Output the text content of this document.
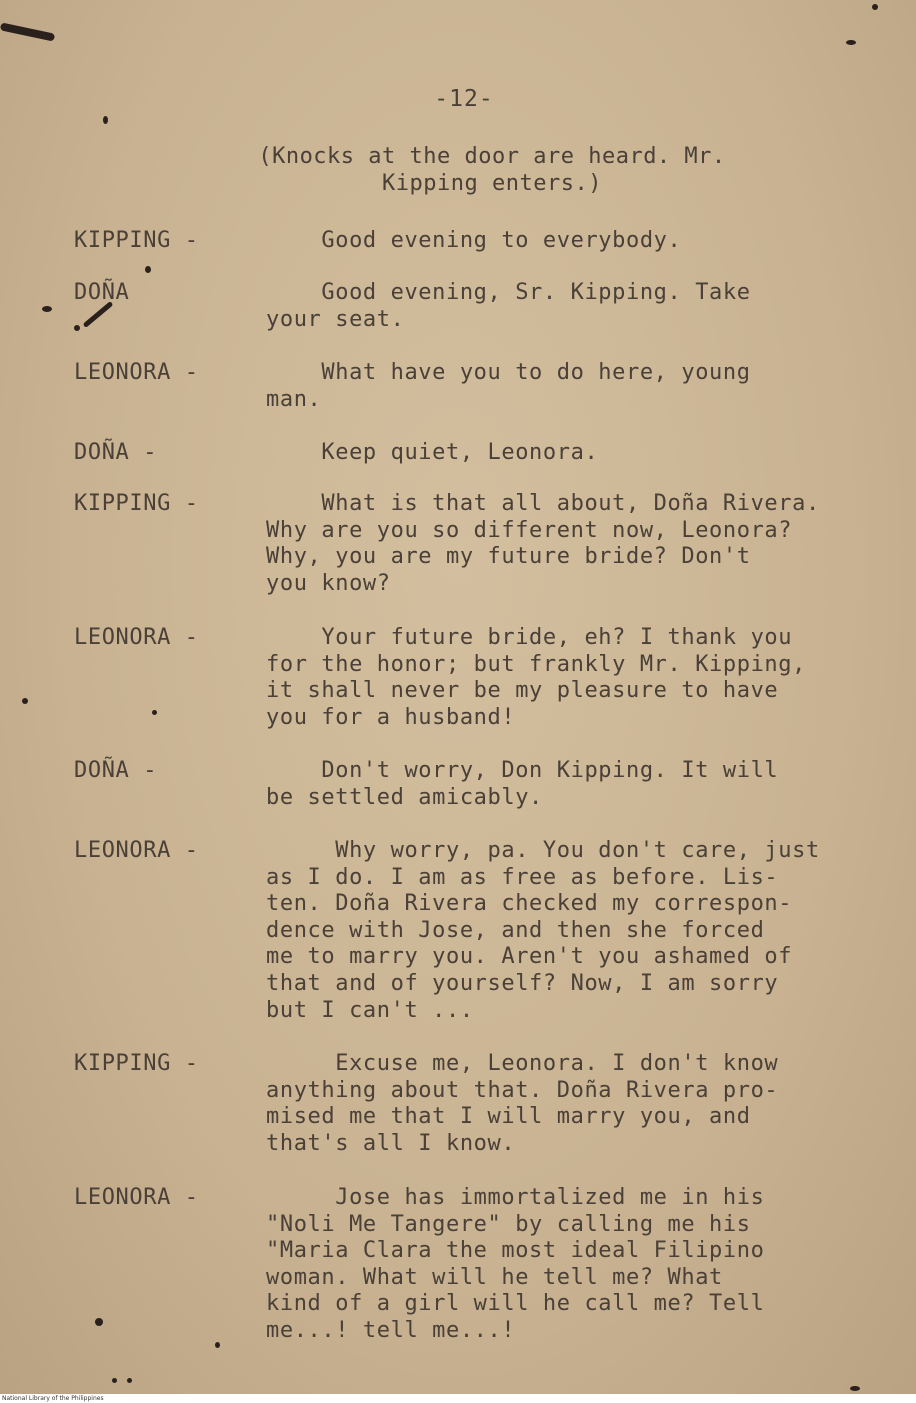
-12-
(Knocks at the door are heard. Mr.
Kipping enters.)
KIPPING -	Good evening to everybody.
DOÑA	Good evening, Sr. Kipping. Take
your seat.
LEONORA -	What have you to do here, young
man.
DOÑA -	Keep quiet, Leonora.
KIPPING -	What is that all about, Doña Rivera.
Why are you so different now, Leonora?
Why, you are my future bride? Don't
you know?
LEONORA -	Your future bride, eh? I thank you
for the honor; but frankly Mr. Kipping,
it shall never be my pleasure to have
you for a husband!
DOÑA -	Don't worry, Don Kipping. It will
be settled amicably.
LEONORA -	Why worry, pa. You don't care, just
as I do. I am as free as before. Lis-
ten. Doña Rivera checked my correspon-
dence with Jose, and then she forced
me to marry you. Aren't you ashamed of
that and of yourself? Now, I am sorry
but I can't ...
KIPPING -	Excuse me, Leonora. I don't know
anything about that. Doña Rivera pro-
mised me that I will marry you, and
that's all I know.
LEONORA -	Jose has immortalized me in his
"Noli Me Tangere" by calling me his
"Maria Clara the most ideal Filipino
woman. What will he tell me? What
kind of a girl will he call me? Tell
me...! tell me...!
National Library of the Philippines
